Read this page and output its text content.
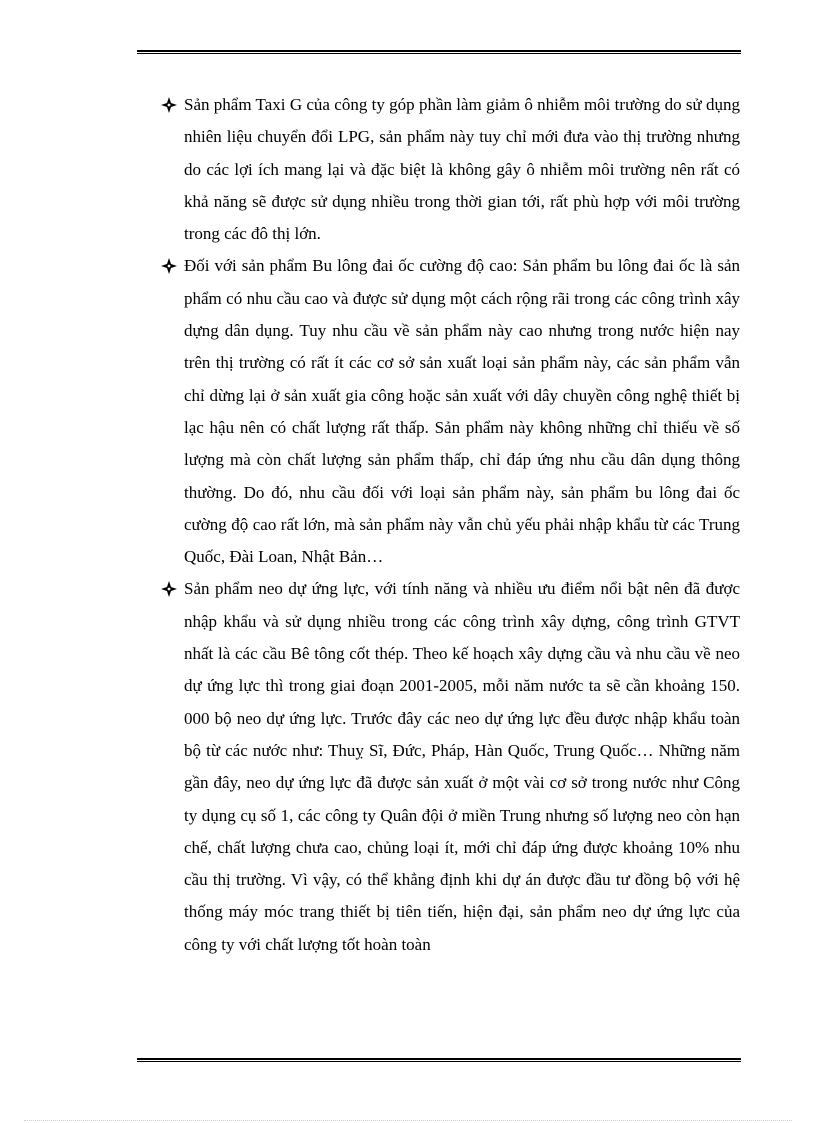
Sản phẩm Taxi G của công ty góp phần làm giảm ô nhiễm môi trường do sử dụng nhiên liệu chuyển đổi LPG, sản phẩm này tuy chỉ mới đưa vào thị trường nhưng do các lợi ích mang lại và đặc biệt là không gây ô nhiễm môi trường nên rất có khả năng sẽ được sử dụng nhiều trong thời gian tới, rất phù hợp với môi trường trong các đô thị lớn.

Đối với sản phẩm Bu lông đai ốc cường độ cao: Sản phẩm bu lông đai ốc là sản phẩm có nhu cầu cao và được sử dụng một cách rộng rãi trong các công trình xây dựng dân dụng. Tuy nhu cầu về sản phẩm này cao nhưng trong nước hiện nay trên thị trường có rất ít các cơ sở sản xuất loại sản phẩm này, các sản phẩm vẫn chỉ dừng lại ở sản xuất gia công hoặc sản xuất với dây chuyền công nghệ thiết bị lạc hậu nên có chất lượng rất thấp. Sản phẩm này không những chỉ thiếu về số lượng mà còn chất lượng sản phẩm thấp, chỉ đáp ứng nhu cầu dân dụng thông thường. Do đó, nhu cầu đối với loại sản phẩm này, sản phẩm bu lông đai ốc cường độ cao rất lớn, mà sản phẩm này vẫn chủ yếu phải nhập khẩu từ các Trung Quốc, Đài Loan, Nhật Bản…

Sản phẩm neo dự ứng lực, với tính năng và nhiều ưu điểm nổi bật nên đã được nhập khẩu và sử dụng nhiều trong các công trình xây dựng, công trình GTVT nhất là các cầu Bê tông cốt thép. Theo kế hoạch xây dựng cầu và nhu cầu về neo dự ứng lực thì trong giai đoạn 2001-2005, mỗi năm nước ta sẽ cần khoảng 150. 000 bộ neo dự ứng lực. Trước đây các neo dự ứng lực đều được nhập khẩu toàn bộ từ các nước như: Thuỵ Sĩ, Đức, Pháp, Hàn Quốc, Trung Quốc… Những năm gần đây, neo dự ứng lực đã được sản xuất ở một vài cơ sở trong nước như Công ty dụng cụ số 1, các công ty Quân đội ở miền Trung nhưng số lượng neo còn hạn chế, chất lượng chưa cao, chủng loại ít, mới chỉ đáp ứng được khoảng 10% nhu cầu thị trường. Vì vậy, có thể khẳng định khi dự án được đầu tư đồng bộ với hệ thống máy móc trang thiết bị tiên tiến, hiện đại, sản phẩm neo dự ứng lực của công ty với chất lượng tốt hoàn toàn
